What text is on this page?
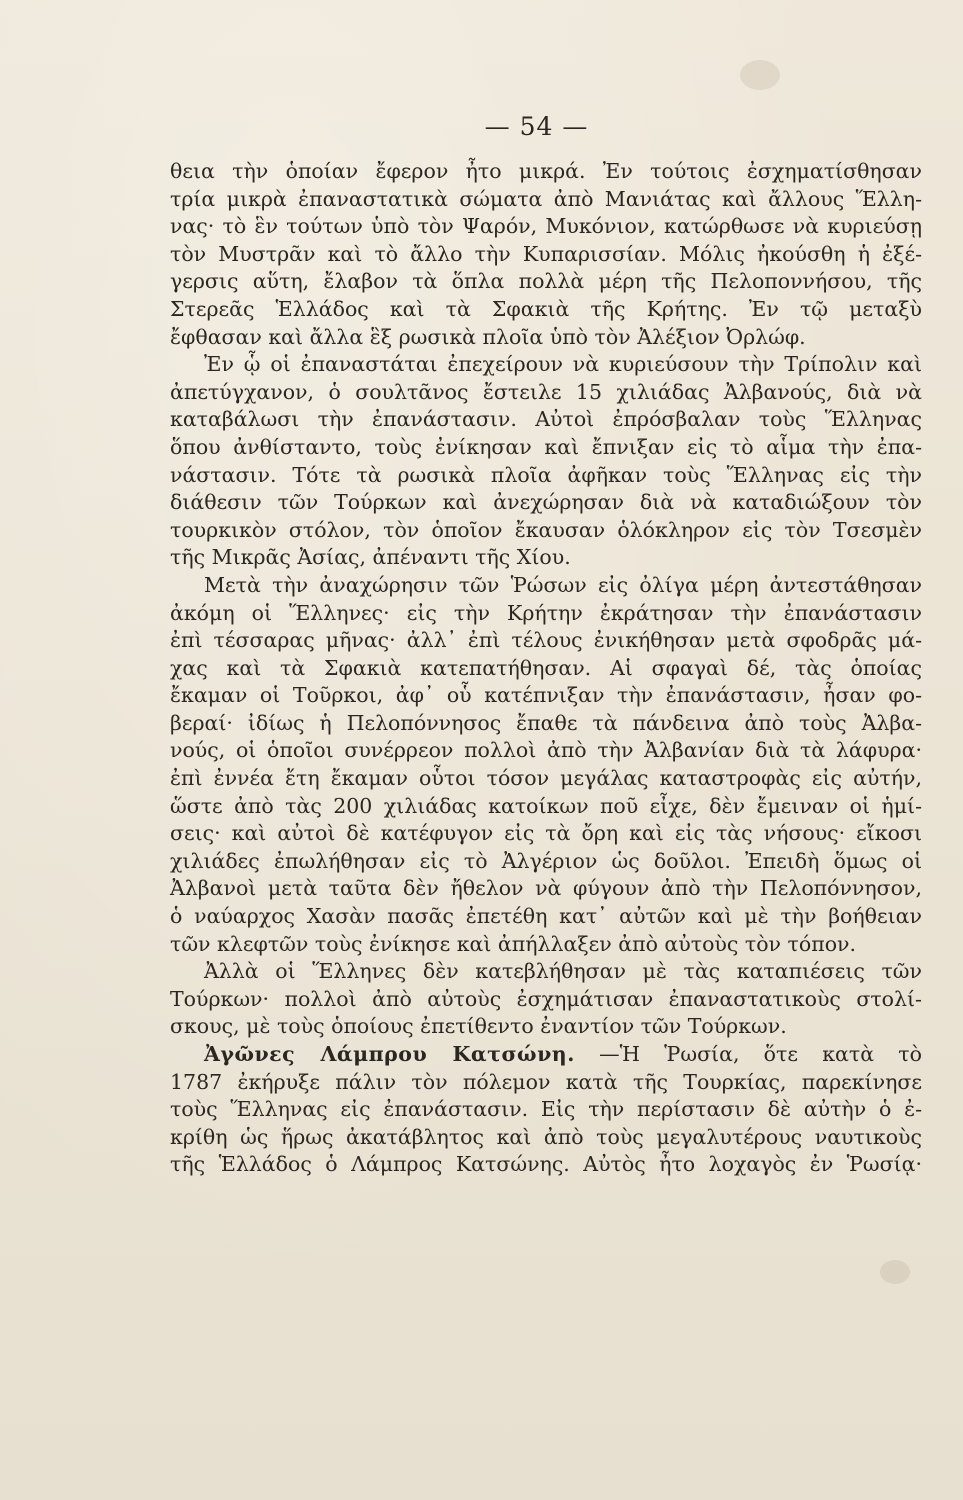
— 54 —
θεια τὴν ὁποίαν ἔφερον ἦτο μικρά. Ἐν τούτοις ἐσχηματίσθησαν
τρία μικρὰ ἐπαναστατικὰ σώματα ἀπὸ Μανιάτας καὶ ἄλλους Ἕλλη-
νας· τὸ ἓν τούτων ὑπὸ τὸν Ψαρόν, Μυκόνιον, κατώρθωσε νὰ κυριεύσῃ
τὸν Μυστρᾶν καὶ τὸ ἄλλο τὴν Κυπαρισσίαν. Μόλις ἠκούσθη ἡ ἐξέ-
γερσις αὕτη, ἔλαβον τὰ ὅπλα πολλὰ μέρη τῆς Πελοποννήσου, τῆς
Στερεᾶς Ἑλλάδος καὶ τὰ Σφακιὰ τῆς Κρήτης. Ἐν τῷ μεταξὺ
ἔφθασαν καὶ ἄλλα ἓξ ρωσικὰ πλοῖα ὑπὸ τὸν Ἀλέξιον Ὀρλώφ.
Ἐν ᾧ οἱ ἐπαναστάται ἐπεχείρουν νὰ κυριεύσουν τὴν Τρίπολιν καὶ
ἀπετύγχανον, ὁ σουλτᾶνος ἔστειλε 15 χιλιάδας Ἀλβανούς, διὰ νὰ
καταβάλωσι τὴν ἐπανάστασιν. Αὐτοὶ ἐπρόσβαλαν τοὺς Ἕλληνας
ὅπου ἀνθίσταντο, τοὺς ἐνίκησαν καὶ ἔπνιξαν εἰς τὸ αἷμα τὴν ἐπα-
νάστασιν. Τότε τὰ ρωσικὰ πλοῖα ἀφῆκαν τοὺς Ἕλληνας εἰς τὴν
διάθεσιν τῶν Τούρκων καὶ ἀνεχώρησαν διὰ νὰ καταδιώξουν τὸν
τουρκικὸν στόλον, τὸν ὁποῖον ἔκαυσαν ὁλόκληρον εἰς τὸν Τσεσμὲν
τῆς Μικρᾶς Ἀσίας, ἀπέναντι τῆς Χίου.
Μετὰ τὴν ἀναχώρησιν τῶν Ῥώσων εἰς ὀλίγα μέρη ἀντεστάθησαν
ἀκόμη οἱ Ἕλληνες· εἰς τὴν Κρήτην ἐκράτησαν τὴν ἐπανάστασιν
ἐπὶ τέσσαρας μῆνας· ἀλλ᾽ ἐπὶ τέλους ἐνικήθησαν μετὰ σφοδρᾶς μά-
χας καὶ τὰ Σφακιὰ κατεπατήθησαν. Αἱ σφαγαὶ δέ, τὰς ὁποίας
ἔκαμαν οἱ Τοῦρκοι, ἀφ᾽ οὗ κατέπνιξαν τὴν ἐπανάστασιν, ἦσαν φο-
βεραί· ἰδίως ἡ Πελοπόννησος ἔπαθε τὰ πάνδεινα ἀπὸ τοὺς Ἀλβα-
νούς, οἱ ὁποῖοι συνέρρεον πολλοὶ ἀπὸ τὴν Ἀλβανίαν διὰ τὰ λάφυρα·
ἐπὶ ἐννέα ἔτη ἔκαμαν οὗτοι τόσον μεγάλας καταστροφὰς εἰς αὐτήν,
ὥστε ἀπὸ τὰς 200 χιλιάδας κατοίκων ποῦ εἶχε, δὲν ἔμειναν οἱ ἡμί-
σεις· καὶ αὐτοὶ δὲ κατέφυγον εἰς τὰ ὄρη καὶ εἰς τὰς νήσους· εἴκοσι
χιλιάδες ἐπωλήθησαν εἰς τὸ Ἀλγέριον ὡς δοῦλοι. Ἐπειδὴ ὅμως οἱ
Ἀλβανοὶ μετὰ ταῦτα δὲν ἤθελον νὰ φύγουν ἀπὸ τὴν Πελοπόννησον,
ὁ ναύαρχος Χασὰν πασᾶς ἐπετέθη κατ᾽ αὐτῶν καὶ μὲ τὴν βοήθειαν
τῶν κλεφτῶν τοὺς ἐνίκησε καὶ ἀπήλλαξεν ἀπὸ αὐτοὺς τὸν τόπον.
Ἀλλὰ οἱ Ἕλληνες δὲν κατεβλήθησαν μὲ τὰς καταπιέσεις τῶν
Τούρκων· πολλοὶ ἀπὸ αὐτοὺς ἐσχημάτισαν ἐπαναστατικοὺς στολί-
σκους, μὲ τοὺς ὁποίους ἐπετίθεντο ἐναντίον τῶν Τούρκων.
Ἀγῶνες Λάμπρου Κατσώνη. —Ἡ Ῥωσία, ὅτε κατὰ τὸ
1787 ἐκήρυξε πάλιν τὸν πόλεμον κατὰ τῆς Τουρκίας, παρεκίνησε
τοὺς Ἕλληνας εἰς ἐπανάστασιν. Εἰς τὴν περίστασιν δὲ αὐτὴν ὁ ἐ-
κρίθη ὡς ἥρως ἀκατάβλητος καὶ ἀπὸ τοὺς μεγαλυτέρους ναυτικοὺς
τῆς Ἑλλάδος ὁ Λάμπρος Κατσώνης. Αὐτὸς ἦτο λοχαγὸς ἐν Ῥωσίᾳ·
